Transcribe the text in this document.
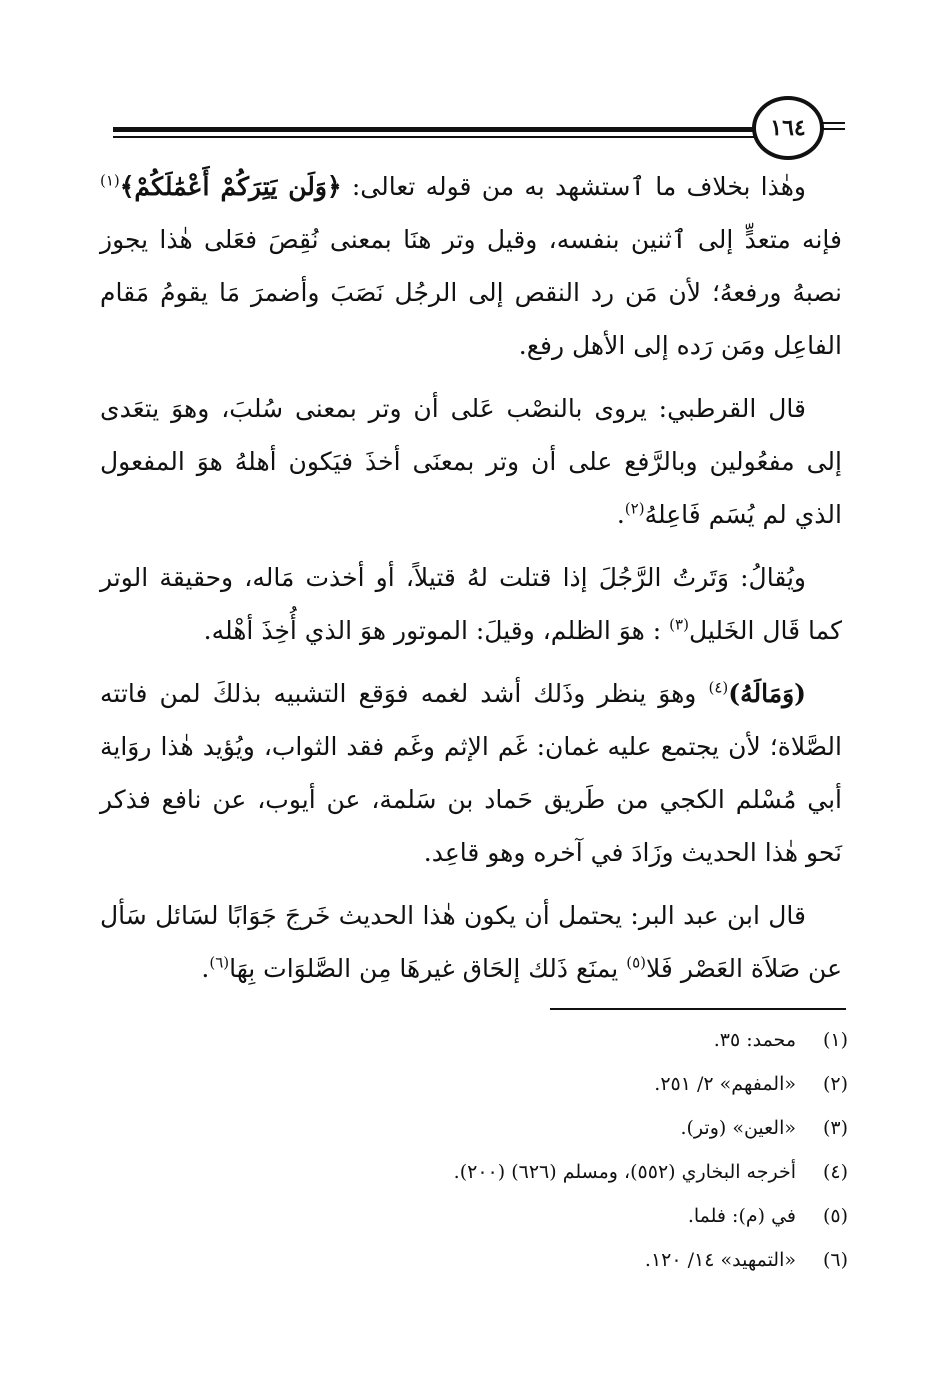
١٦٤

وهٰذا بخلاف ما ٱستشهد به من قوله تعالى: ﴿وَلَن يَتِرَكُمْ أَعْمَٰلَكُمْ﴾$^{(١)}$ فإنه متعدٍّ إلى ٱثنين بنفسه، وقيل وتر هنَا بمعنى نُقِصَ فعَلى هٰذا يجوز نصبهُ ورفعهُ؛ لأن مَن رد النقص إلى الرجُل نَصَبَ وأضمرَ مَا يقومُ مَقام الفاعِل ومَن رَده إلى الأهل رفع.

قال القرطبي: يروى بالنصْب عَلى أن وتر بمعنى سُلبَ، وهوَ يتعَدى إلى مفعُولين وبالرَّفع على أن وتر بمعنَى أخذَ فيَكون أهلهُ هوَ المفعول الذي لم يُسَم فَاعِلهُ$^{(٢)}$.

ويُقالُ: وَتَرتُ الرَّجُلَ إذا قتلت لهُ قتيلاً، أو أخذت مَاله، وحقيقة الوتر كما قَال الخَليل$^{(٣)}$ : هوَ الظلم، وقيلَ: الموتور هوَ الذي أُخِذَ أهْله.

(وَمَالَهُ)$^{(٤)}$ وهوَ ينظر وذَلك أشد لغمه فوَقع التشبيه بذلكَ لمن فاتته الصَّلاة؛ لأن يجتمع عليه غمان: غَم الإثم وغَم فقد الثواب، ويُؤيد هٰذا روَاية أبي مُسْلم الكجي من طَريق حَماد بن سَلمة، عن أيوب، عن نافع فذكر نَحو هٰذا الحديث وزَادَ في آخره وهو قاعِد.

قال ابن عبد البر: يحتمل أن يكون هٰذا الحديث خَرجَ جَوَابًا لسَائل سَأل عن صَلاَة العَصْر فَلا$^{(٥)}$ يمنَع ذَلك إلحَاق غيرهَا مِن الصَّلوَات بِهَا$^{(٦)}$.

(١)
محمد: ٣٥.
(٢)
«المفهم» ٢/ ٢٥١.
(٣)
«العين» (وتر).
(٤)
أخرجه البخاري (٥٥٢)، ومسلم (٦٢٦) (٢٠٠).
(٥)
في (م): فلما.
(٦)
«التمهيد» ١٤/ ١٢٠.
